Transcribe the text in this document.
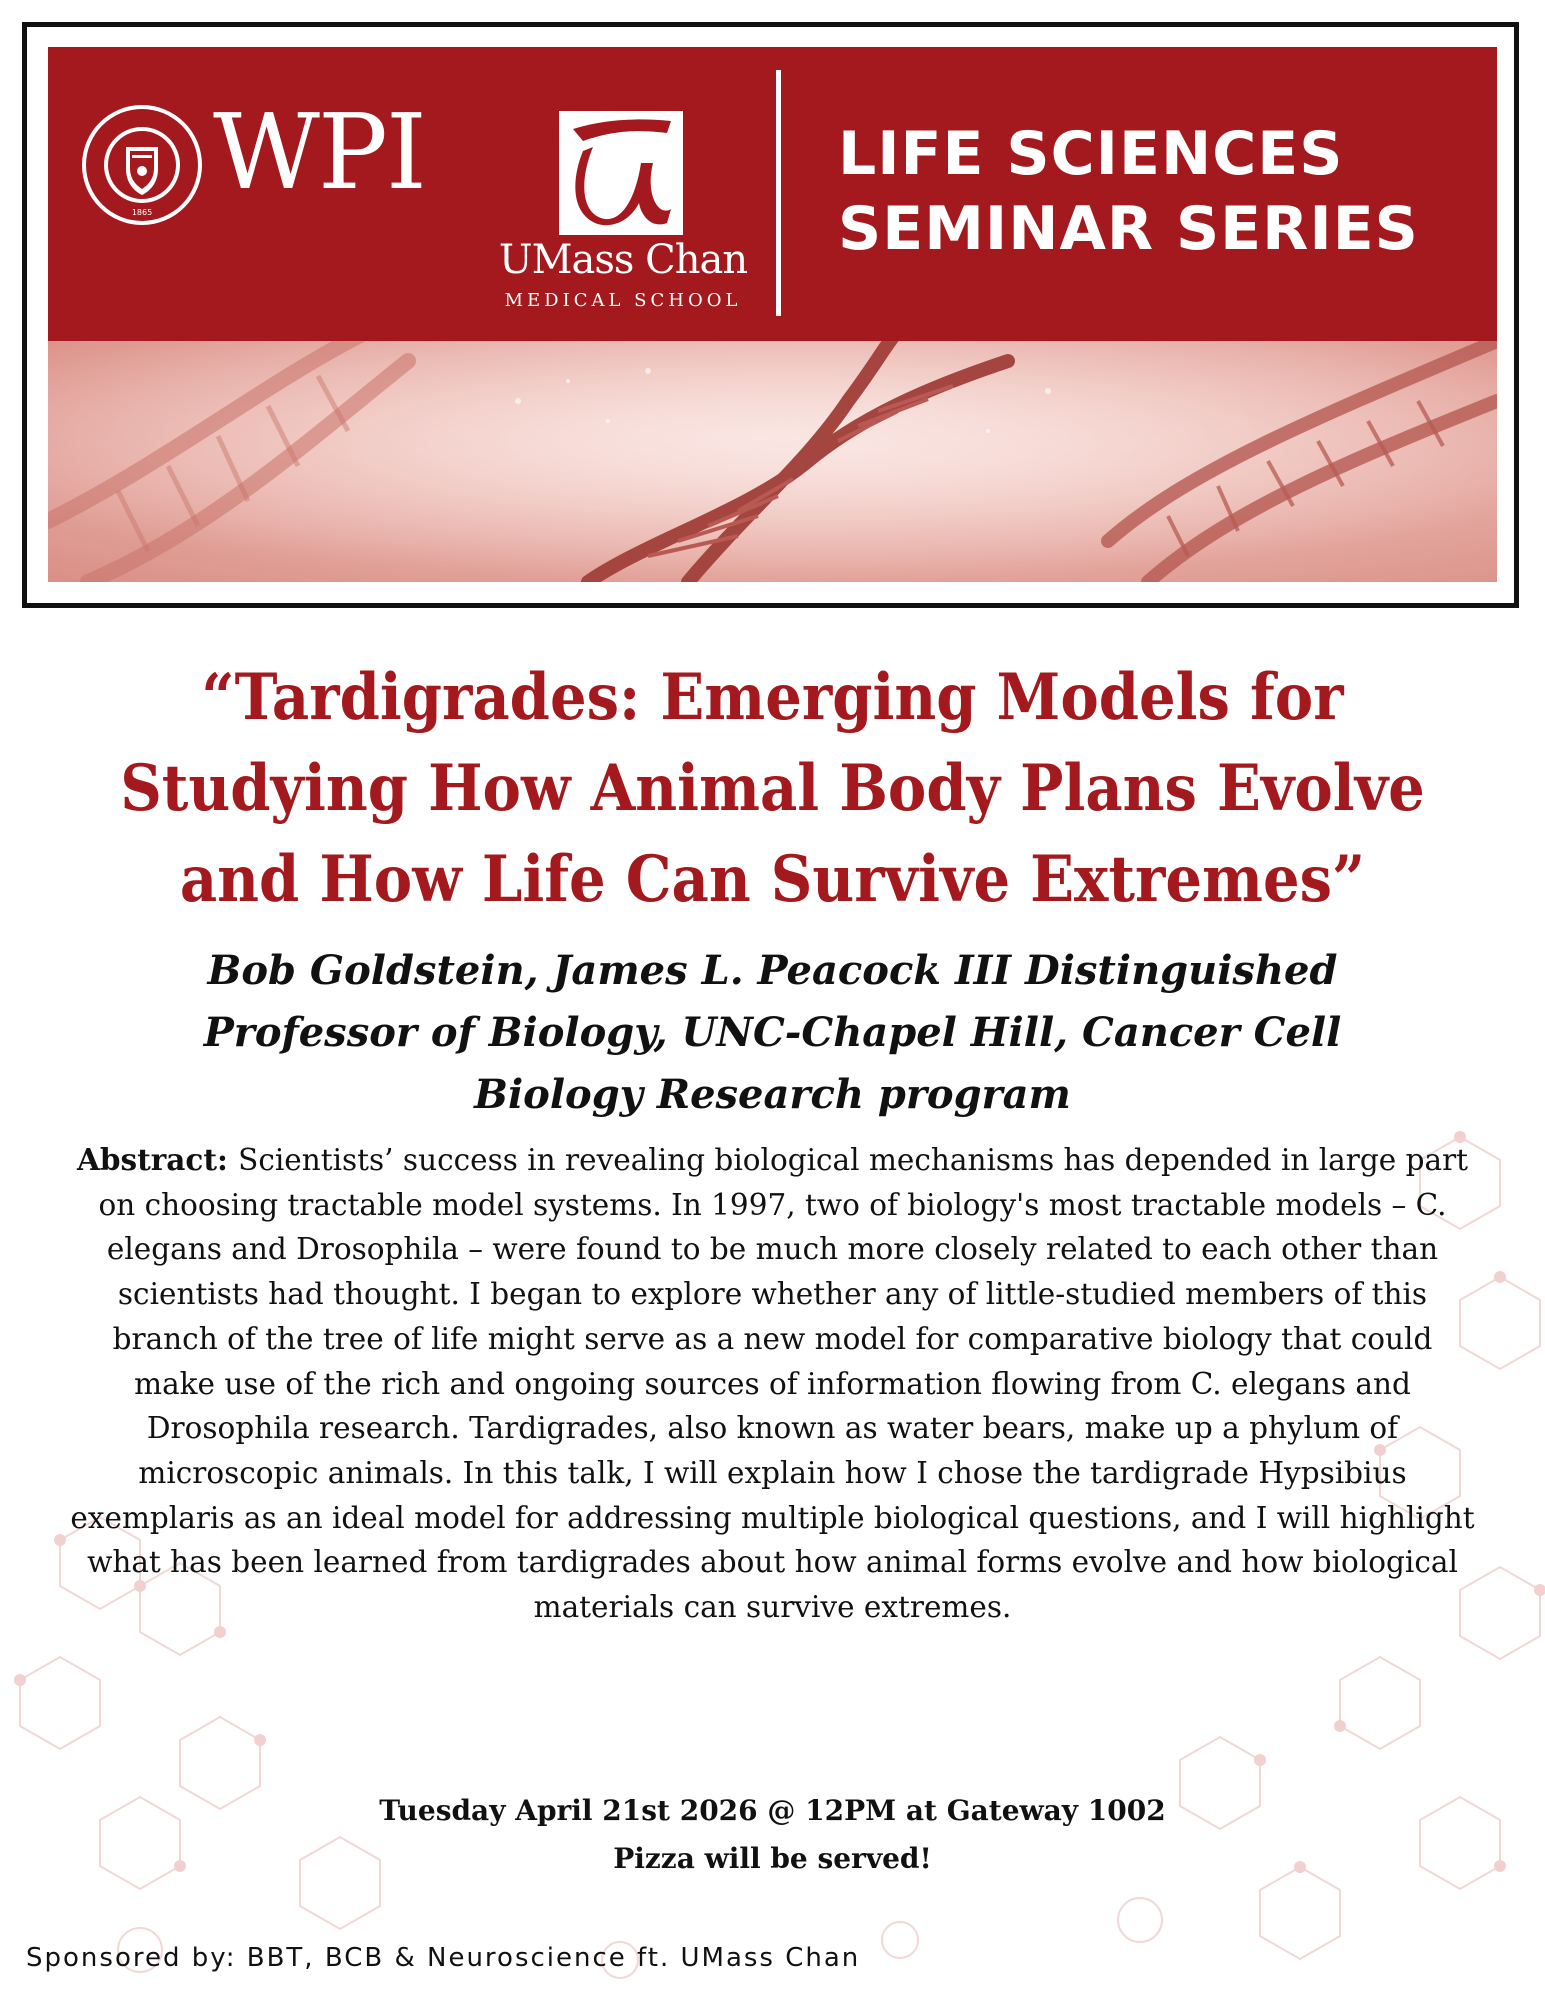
1865 WPI
UMass Chan
MEDICAL SCHOOL
LIFE SCIENCES
SEMINAR SERIES
“Tardigrades: Emerging Models for
Studying How Animal Body Plans Evolve
and How Life Can Survive Extremes”
Bob Goldstein, James L. Peacock III Distinguished
Professor of Biology, UNC-Chapel Hill, Cancer Cell
Biology Research program
Abstract: Scientists’ success in revealing biological mechanisms has depended in large part on choosing tractable model systems. In 1997, two of biology's most tractable models – C. elegans and Drosophila – were found to be much more closely related to each other than scientists had thought. I began to explore whether any of little-studied members of this branch of the tree of life might serve as a new model for comparative biology that could make use of the rich and ongoing sources of information flowing from C. elegans and Drosophila research. Tardigrades, also known as water bears, make up a phylum of microscopic animals. In this talk, I will explain how I chose the tardigrade Hypsibius exemplaris as an ideal model for addressing multiple biological questions, and I will highlight what has been learned from tardigrades about how animal forms evolve and how biological materials can survive extremes.
Tuesday April 21st 2026 @ 12PM at Gateway 1002
Pizza will be served!
Sponsored by: BBT, BCB & Neuroscience ft. UMass Chan
